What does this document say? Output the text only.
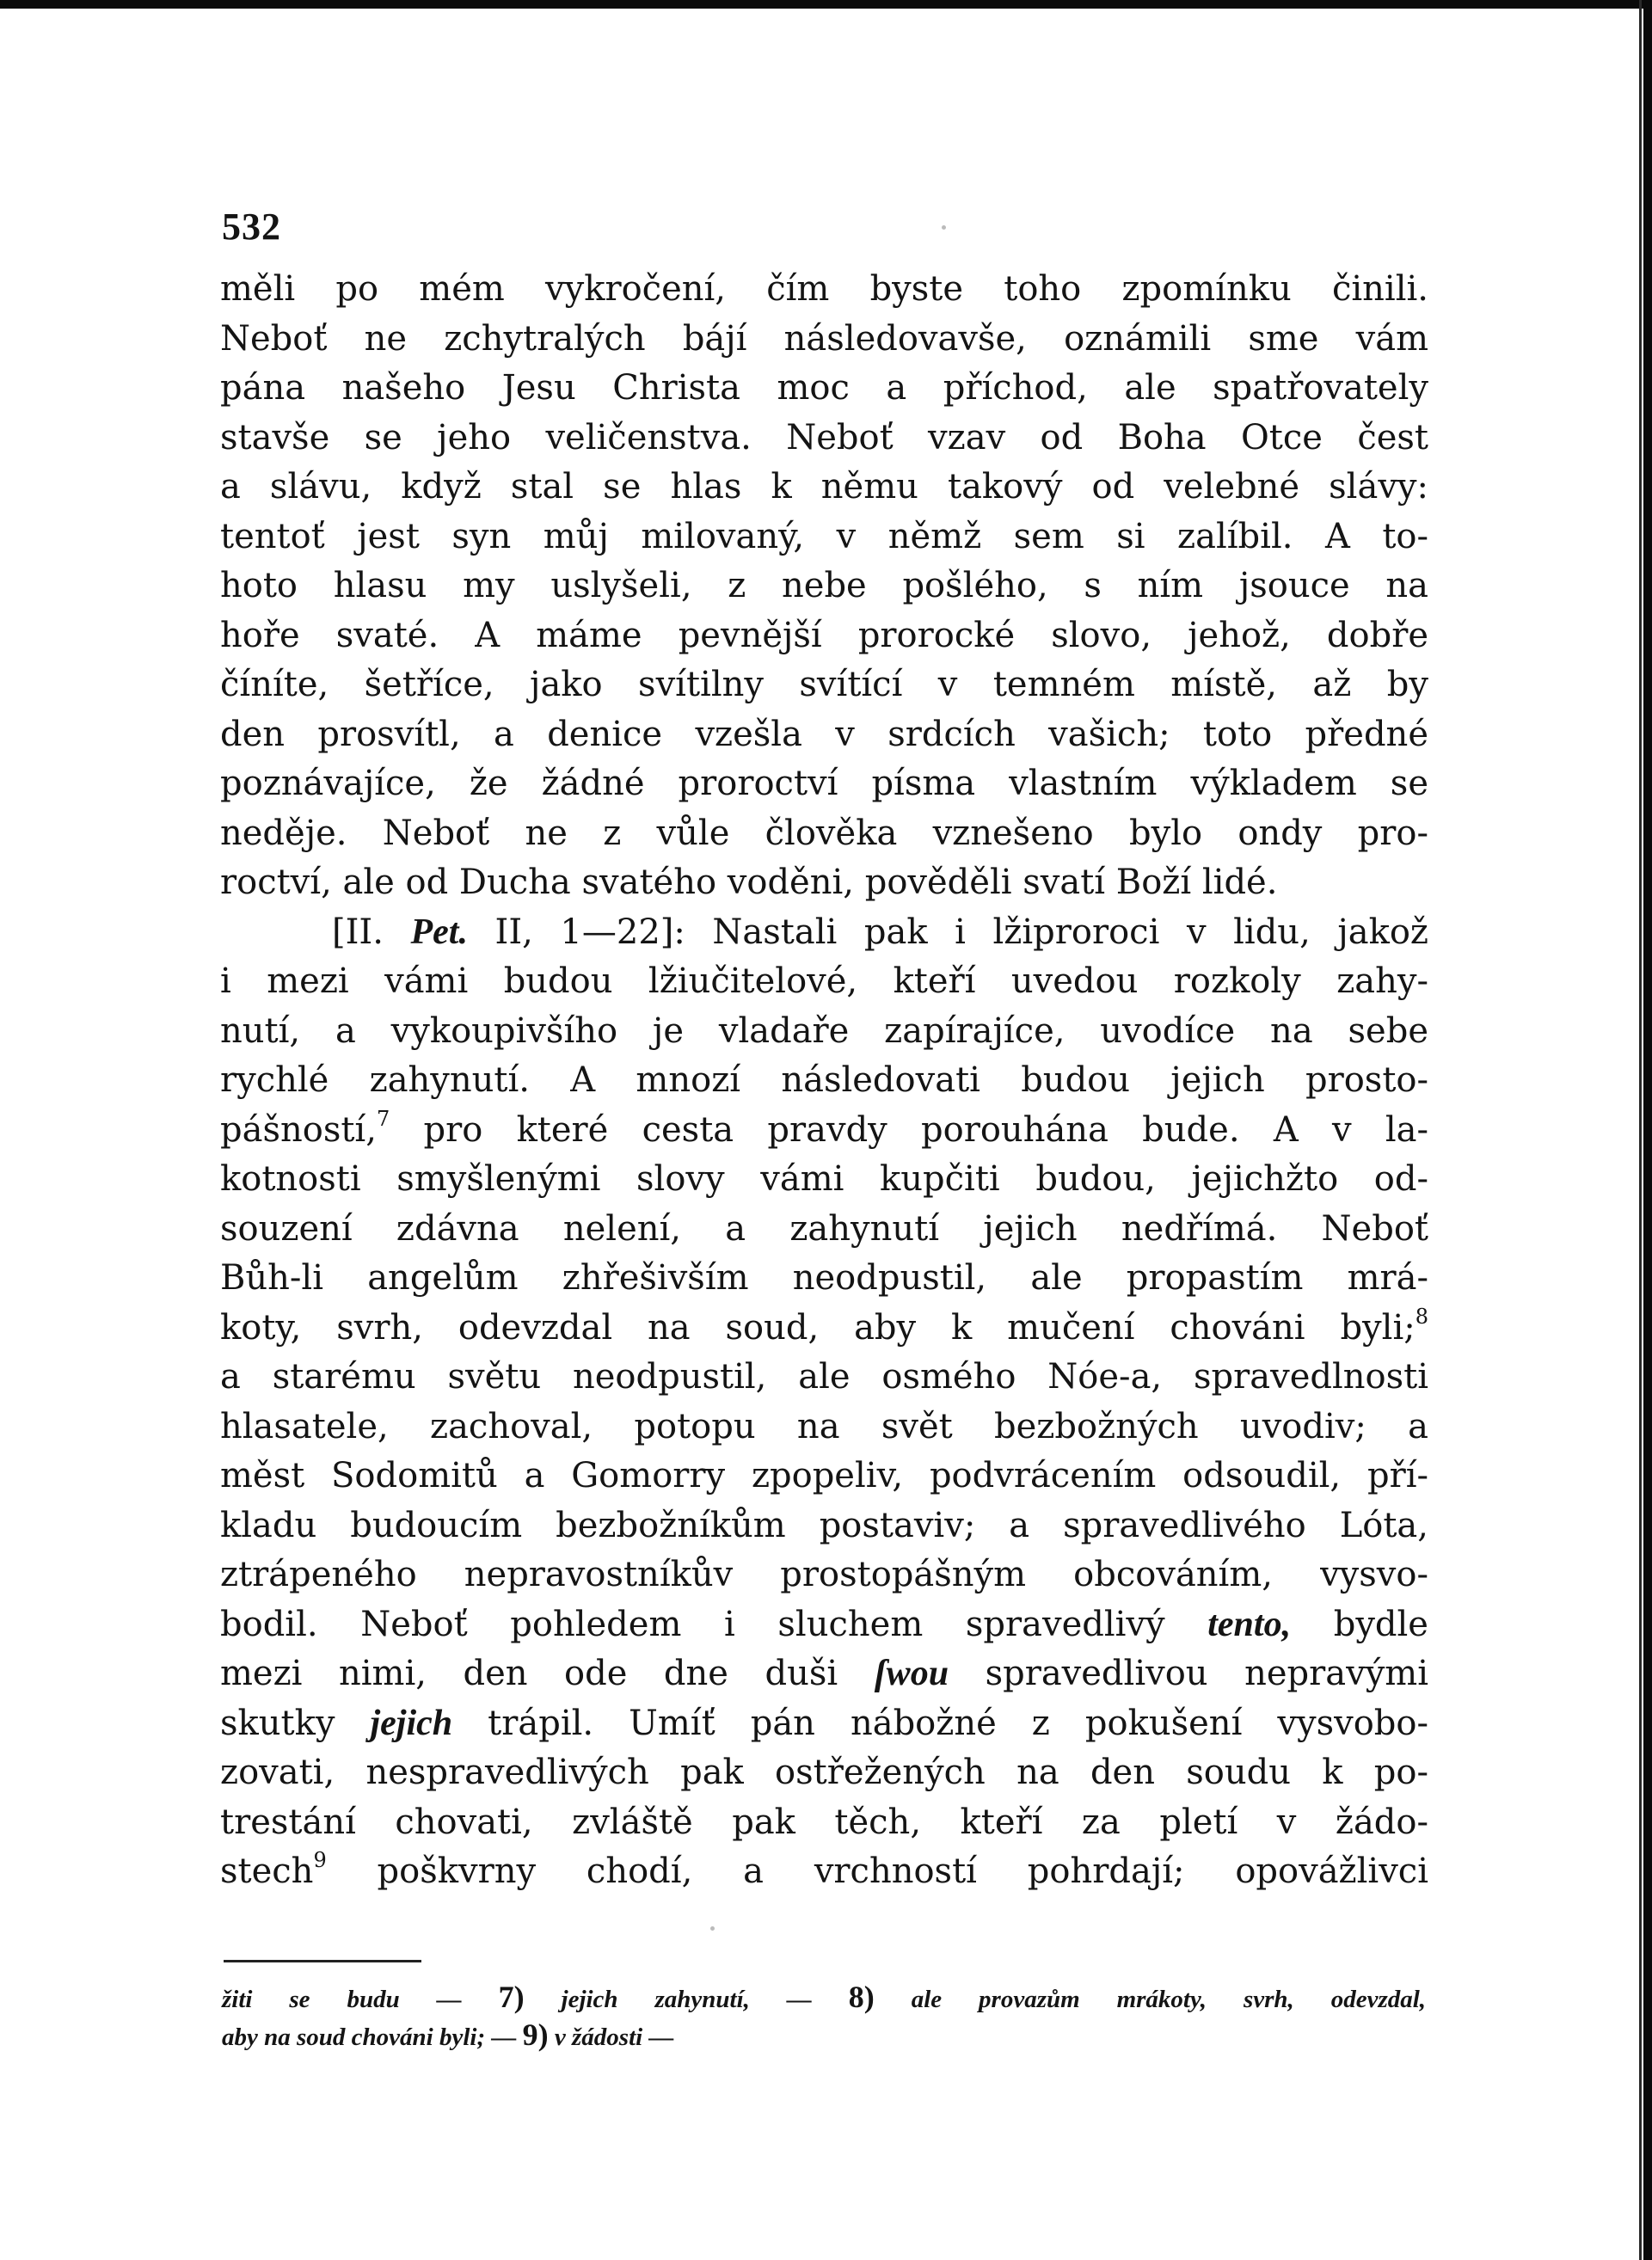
532
měli po mém vykročení, čím byste toho zpomínku činili.
Neboť ne zchytralých bájí následovavše, oznámili sme vám
pána našeho Jesu Christa moc a příchod, ale spatřovately
stavše se jeho veličenstva. Neboť vzav od Boha Otce čest
a slávu, když stal se hlas k němu takový od velebné slávy:
tentoť jest syn můj milovaný, v němž sem si zalíbil. A to-
hoto hlasu my uslyšeli, z nebe pošlého, s ním jsouce na
hoře svaté. A máme pevnější prorocké slovo, jehož, dobře
číníte, šetříce, jako svítilny svítící v temném místě, až by
den prosvítl, a denice vzešla v srdcích vašich; toto předné
poznávajíce, že žádné proroctví písma vlastním výkladem se
neděje. Neboť ne z vůle člověka vznešeno bylo ondy pro-
roctví, ale od Ducha svatého voděni, pověděli svatí Boží lidé.
[II. Pet. II, 1—22]: Nastali pak i lžiproroci v lidu, jakož
i mezi vámi budou lžiučitelové, kteří uvedou rozkoly zahy-
nutí, a vykoupivšího je vladaře zapírajíce, uvodíce na sebe
rychlé zahynutí. A mnozí následovati budou jejich prosto-
pášností,$^7$ pro které cesta pravdy porouhána bude. A v la-
kotnosti smyšlenými slovy vámi kupčiti budou, jejichžto od-
souzení zdávna nelení, a zahynutí jejich nedřímá. Neboť
Bůh-li angelům zhřešivším neodpustil, ale propastím mrá-
koty, svrh, odevzdal na soud, aby k mučení chováni byli;$^8$
a starému světu neodpustil, ale osmého Nóe-a, spravedlnosti
hlasatele, zachoval, potopu na svět bezbožných uvodiv; a
měst Sodomitů a Gomorry zpopeliv, podvrácením odsoudil, pří-
kladu budoucím bezbožníkům postaviv; a spravedlivého Lóta,
ztrápeného nepravostníkův prostopášným obcováním, vysvo-
bodil. Neboť pohledem i sluchem spravedlivý tento, bydle
mezi nimi, den ode dne duši ſwou spravedlivou nepravými
skutky jejich trápil. Umíť pán nábožné z pokušení vysvobo-
zovati, nespravedlivých pak ostřežených na den soudu k po-
trestání chovati, zvláště pak těch, kteří za pletí v žádo-
stech$^9$ poškvrny chodí, a vrchností pohrdají; opovážlivci
žiti se budu — 7) jejich zahynutí, — 8) ale provazům mrákoty, svrh, odevzdal,
aby na soud chováni byli; — 9) v žádosti —
